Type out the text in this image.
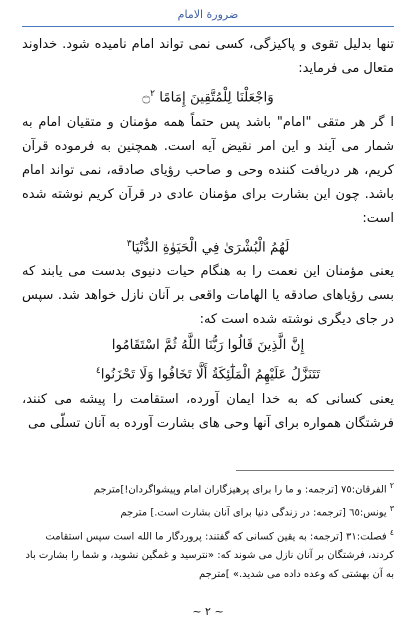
ضرورة الامام

تنها بدلیل تقوی و پاکیزگی، کسی نمی تواند امام نامیده شود. خداوند متعال می فرماید:

وَاجْعَلْنَا لِلْمُتَّقِينَ إِمَامًا ۝$^٢$

ا گر هر متقی "امام" باشد پس حتماً همه مؤمنان و متقیان امام به شمار می آیند و این امر نقیض آیه است. همچنین به فرموده قرآن کریم، هر دریافت کننده وحی و صاحب رؤیای صادقه، نمی تواند امام باشد. چون این بشارت برای مؤمنان عادی در قرآن کریم نوشته شده است:

لَهُمُ الْبُشْرَىٰ فِي الْحَيَوٰةِ الدُّنْيَا$^٣$

یعنی مؤمنان این نعمت را به هنگام حیات دنیوی بدست می یابند که بسی رؤیاهای صادقه یا الهامات واقعی بر آنان نازل خواهد شد. سپس در جای دیگری نوشته شده است که:

إِنَّ الَّذِينَ قَالُوا رَبُّنَا اللَّهُ ثُمَّ اسْتَقَامُوا
تَتَنَزَّلُ عَلَيْهِمُ الْمَلَٰٓئِكَةُ أَلَّا تَخَافُوا وَلَا تَحْزَنُوا$^٤$

یعنی کسانی که به خدا ایمان آورده، استقامت را پیشه می کنند، فرشتگان همواره برای آنها وحی های بشارت آورده به آنان تسلّی می

$^٢$الفرقان:٧٥ [ترجمه: و ما را برای پرهیزگاران امام وپیشواگردان!]مترجم

$^٣$یونس:٦٥ [ترجمه: در زندگی دنیا برای آنان بشارت است.] مترجم

$^٤$فصلت:٣١ [ترجمه: به یقین کسانی که گفتند: پروردگار ما الله است سپس استقامت کردند، فرشتگان بر آنان نازل می شوند که: «نترسید و غمگین نشوید، و شما را بشارت باد به آن بهشتی که وعده داده می شدید.» ]مترجم

~ ٢ ~
